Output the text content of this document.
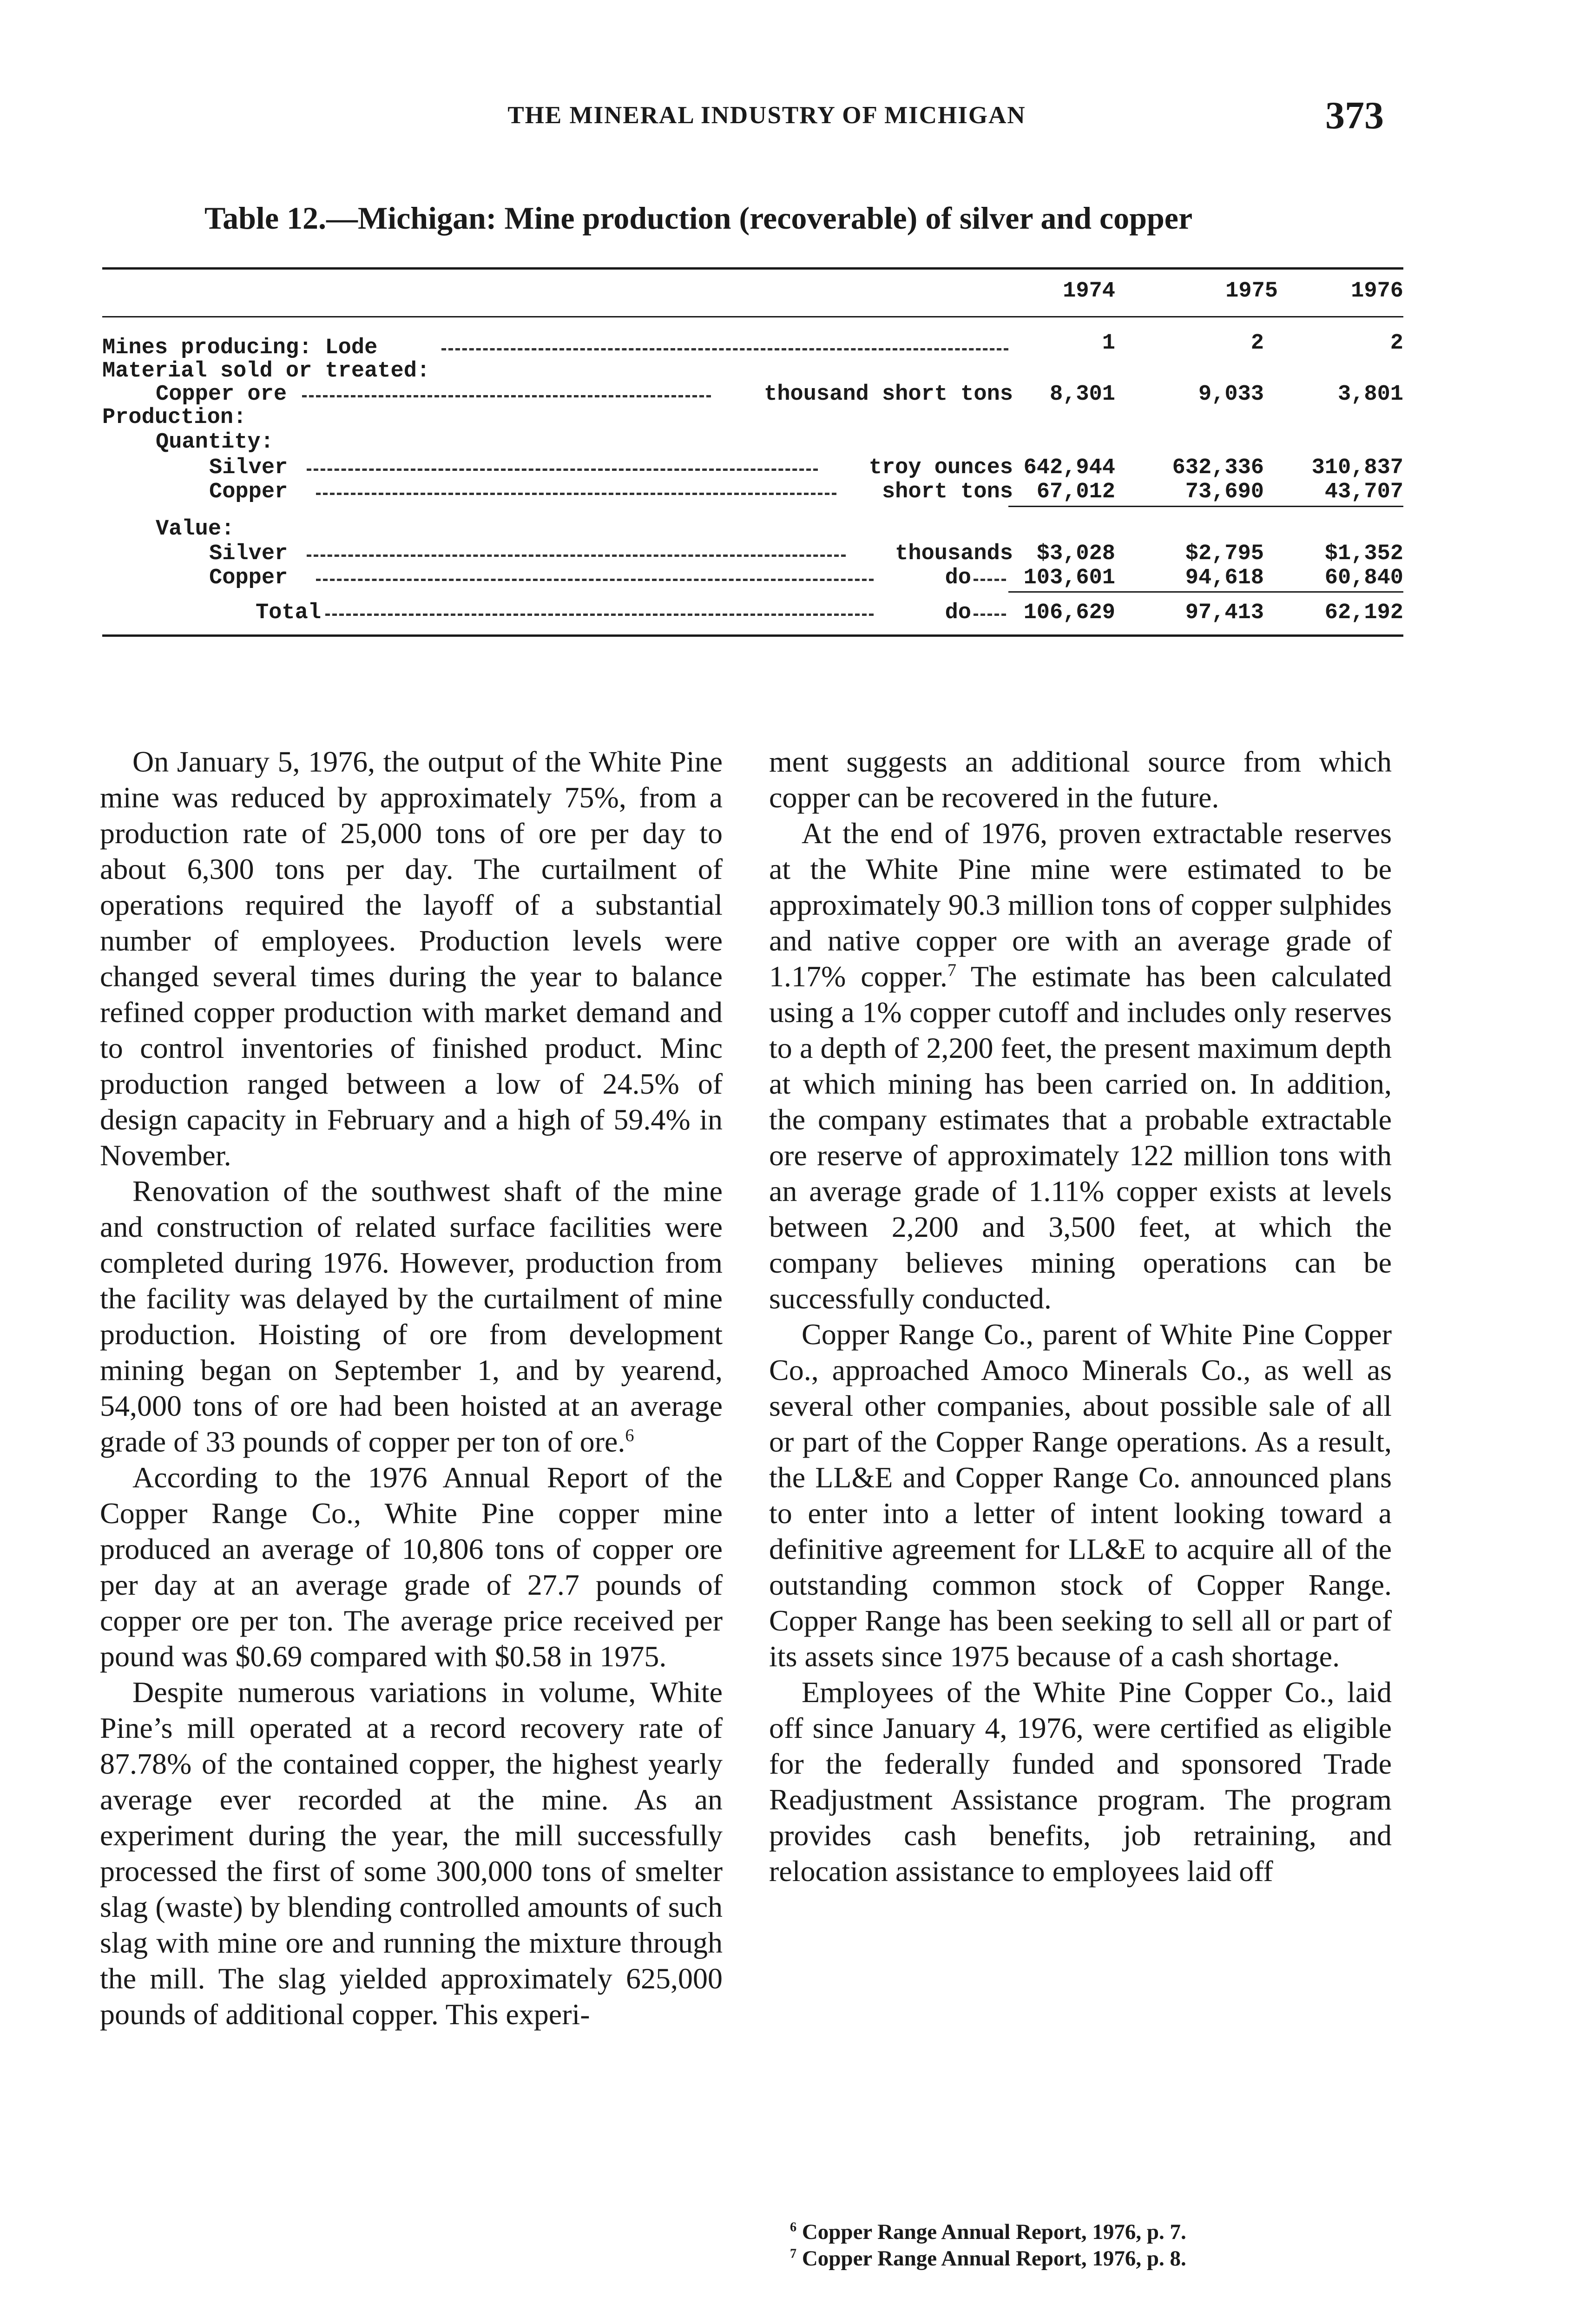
THE MINERAL INDUSTRY OF MICHIGAN	373
Table 12.—Michigan: Mine production (recoverable) of silver and copper
1974	1975	1976
Mines producing: Lode	1	2	2
Material sold or treated:
Copper ore	thousand short tons	8,301	9,033	3,801
Production:
Quantity:
Silver	troy ounces 642,944	632,336	310,837
Copper	short tons	67,012	73,690	43,707
Value:
Silver	thousands	$3,028	$2,795	$1,352
Copper	do	103,601	94,618	60,840
Total	do	106,629	97,413	62,192

On January 5, 1976, the output of the White Pine mine was reduced by approximately 75%, from a production rate of 25,000 tons of ore per day to about 6,300 tons per day. The curtailment of operations required the layoff of a substantial number of employees. Production levels were changed several times during the year to balance refined copper production with market demand and to control inventories of finished product. Minc production ranged between a low of 24.5% of design capacity in February and a high of 59.4% in November.

Renovation of the southwest shaft of the mine and construction of related surface facilities were completed during 1976. However, production from the facility was delayed by the curtailment of mine production. Hoisting of ore from development mining began on September 1, and by yearend, 54,000 tons of ore had been hoisted at an average grade of 33 pounds of copper per ton of ore.$^6$

According to the 1976 Annual Report of the Copper Range Co., White Pine copper mine produced an average of 10,806 tons of copper ore per day at an average grade of 27.7 pounds of copper ore per ton. The average price received per pound was $0.69 compared with $0.58 in 1975.

Despite numerous variations in volume, White Pine’s mill operated at a record recovery rate of 87.78% of the contained copper, the highest yearly average ever recorded at the mine. As an experiment during the year, the mill successfully processed the first of some 300,000 tons of smelter slag (waste) by blending controlled amounts of such slag with mine ore and running the mixture through the mill. The slag yielded approximately 625,000 pounds of additional copper. This experi-

ment suggests an additional source from which copper can be recovered in the future.

At the end of 1976, proven extractable reserves at the White Pine mine were estimated to be approximately 90.3 million tons of copper sulphides and native copper ore with an average grade of 1.17% copper.$^7$ The estimate has been calculated using a 1% copper cutoff and includes only reserves to a depth of 2,200 feet, the present maximum depth at which mining has been carried on. In addition, the company estimates that a probable extractable ore reserve of approximately 122 million tons with an average grade of 1.11% copper exists at levels between 2,200 and 3,500 feet, at which the company believes mining operations can be successfully conducted.

Copper Range Co., parent of White Pine Copper Co., approached Amoco Minerals Co., as well as several other companies, about possible sale of all or part of the Copper Range operations. As a result, the LL&E and Copper Range Co. announced plans to enter into a letter of intent looking toward a definitive agreement for LL&E to acquire all of the outstanding common stock of Copper Range. Copper Range has been seeking to sell all or part of its assets since 1975 because of a cash shortage.

Employees of the White Pine Copper Co., laid off since January 4, 1976, were certified as eligible for the federally funded and sponsored Trade Readjustment Assistance program. The program provides cash benefits, job retraining, and relocation assistance to employees laid off

$^6$ Copper Range Annual Report, 1976, p. 7.
$^7$ Copper Range Annual Report, 1976, p. 8.
